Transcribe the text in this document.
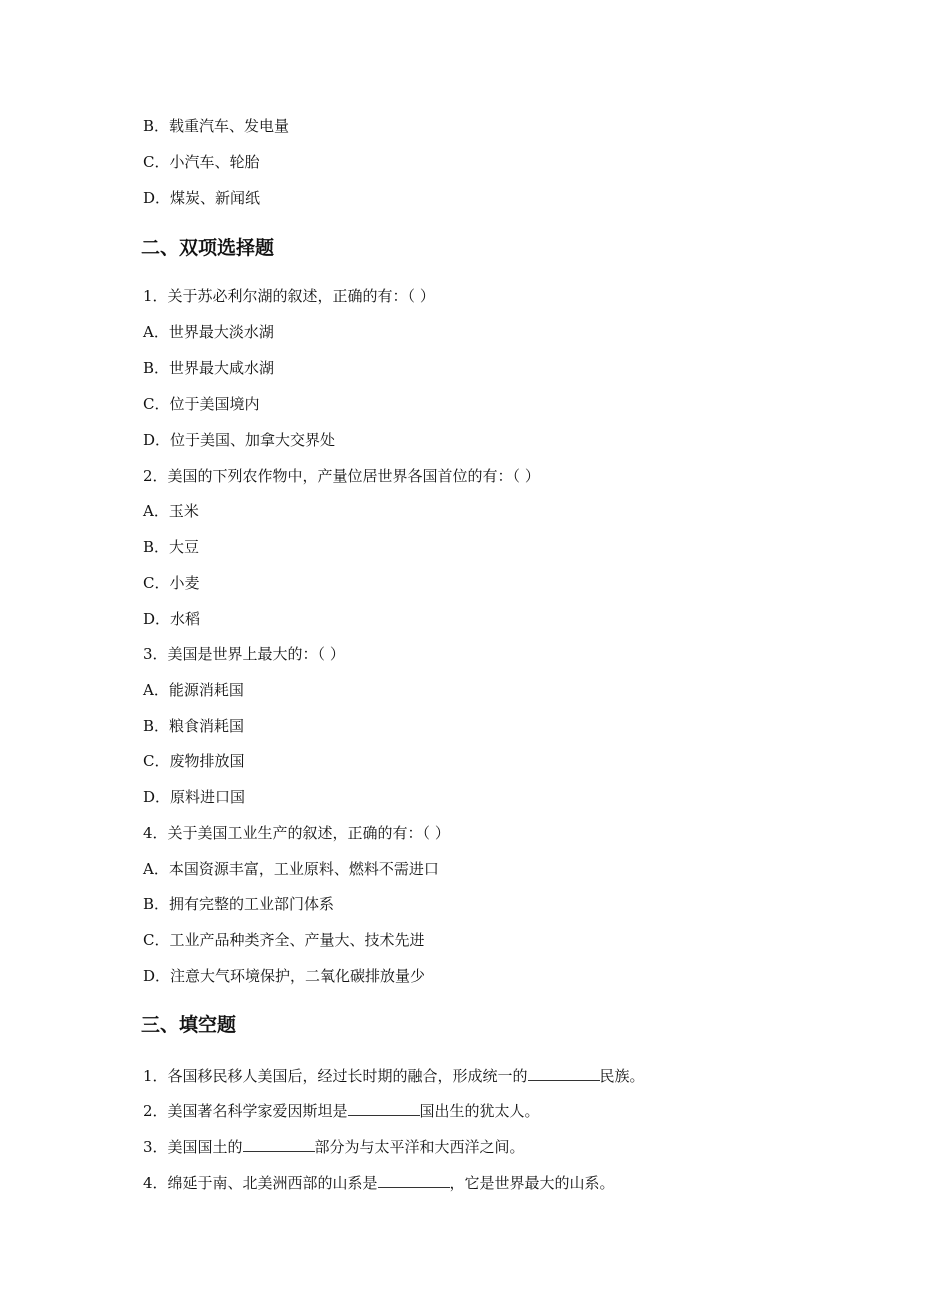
B．载重汽车、发电量
C．小汽车、轮胎
D．煤炭、新闻纸
二、双项选择题
1．关于苏必利尔湖的叙述，正确的有：（ ）
A．世界最大淡水湖
B．世界最大咸水湖
C．位于美国境内
D．位于美国、加拿大交界处
2．美国的下列农作物中，产量位居世界各国首位的有：（ ）
A．玉米
B．大豆
C．小麦
D．水稻
3．美国是世界上最大的：（ ）
A．能源消耗国
B．粮食消耗国
C．废物排放国
D．原料进口国
4．关于美国工业生产的叙述，正确的有：（ ）
A．本国资源丰富，工业原料、燃料不需进口
B．拥有完整的工业部门体系
C．工业产品种类齐全、产量大、技术先进
D．注意大气环境保护，二氧化碳排放量少
三、填空题
1．各国移民移人美国后，经过长时期的融合，形成统一的	民族。
2．美国著名科学家爱因斯坦是	国出生的犹太人。
3．美国国土的	部分为与太平洋和大西洋之间。
4．绵延于南、北美洲西部的山系是	，它是世界最大的山系。
